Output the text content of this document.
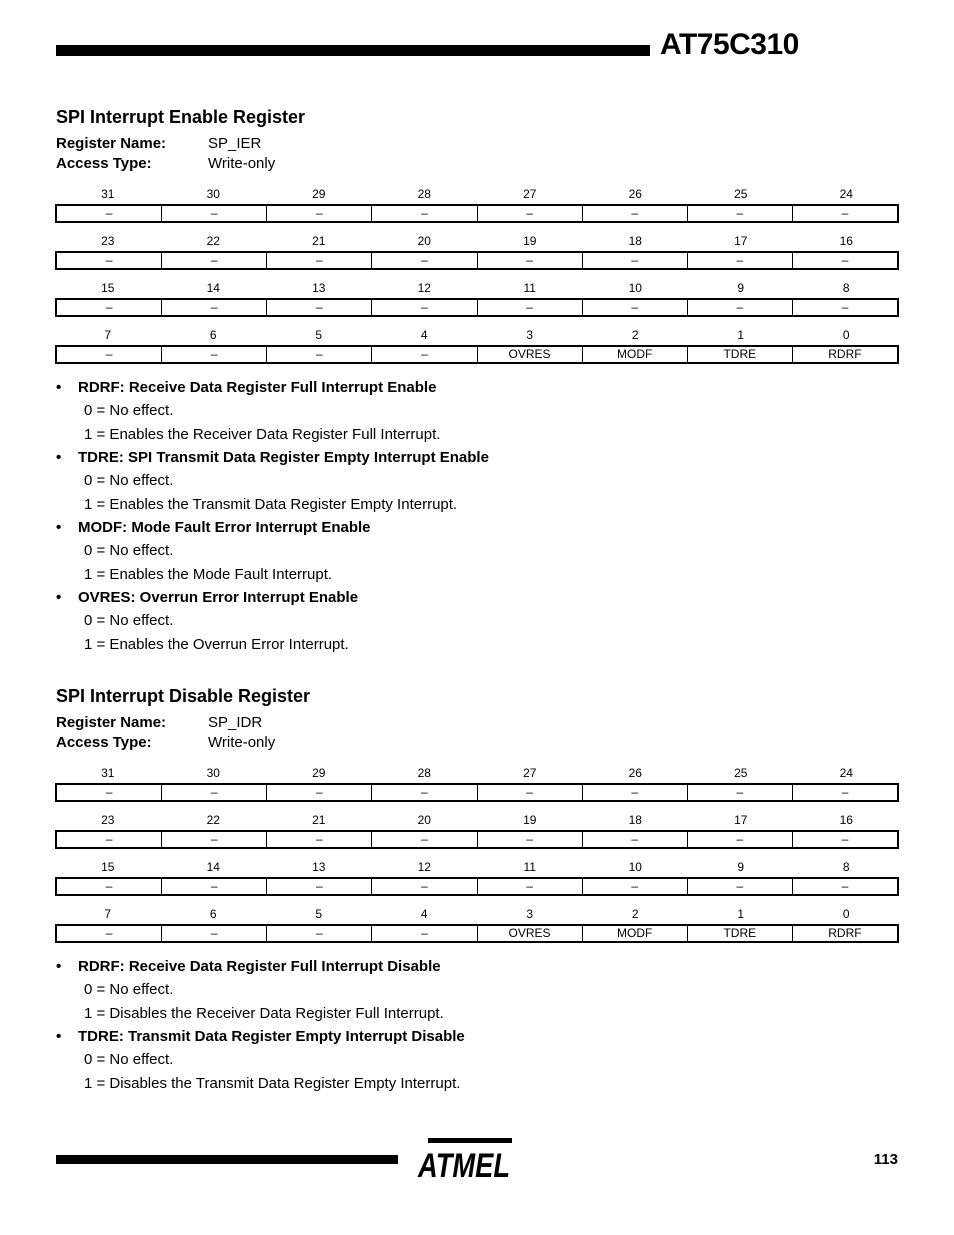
AT75C310
SPI Interrupt Enable Register
Register Name:	SP_IER
Access Type:	Write-only
31	30	29	28	27	26	25	24
–	–	–	–	–	–	–	–
23	22	21	20	19	18	17	16
–	–	–	–	–	–	–	–
15	14	13	12	11	10	9	8
–	–	–	–	–	–	–	–
7	6	5	4	3	2	1	0
–	–	–	–	OVRES	MODF	TDRE	RDRF
• RDRF: Receive Data Register Full Interrupt Enable
0 = No effect.
1 = Enables the Receiver Data Register Full Interrupt.
• TDRE: SPI Transmit Data Register Empty Interrupt Enable
0 = No effect.
1 = Enables the Transmit Data Register Empty Interrupt.
• MODF: Mode Fault Error Interrupt Enable
0 = No effect.
1 = Enables the Mode Fault Interrupt.
• OVRES: Overrun Error Interrupt Enable
0 = No effect.
1 = Enables the Overrun Error Interrupt.
SPI Interrupt Disable Register
Register Name:	SP_IDR
Access Type:	Write-only
31	30	29	28	27	26	25	24
–	–	–	–	–	–	–	–
23	22	21	20	19	18	17	16
–	–	–	–	–	–	–	–
15	14	13	12	11	10	9	8
–	–	–	–	–	–	–	–
7	6	5	4	3	2	1	0
–	–	–	–	OVRES	MODF	TDRE	RDRF
• RDRF: Receive Data Register Full Interrupt Disable
0 = No effect.
1 = Disables the Receiver Data Register Full Interrupt.
• TDRE: Transmit Data Register Empty Interrupt Disable
0 = No effect.
1 = Disables the Transmit Data Register Empty Interrupt.
ATMEL	113
